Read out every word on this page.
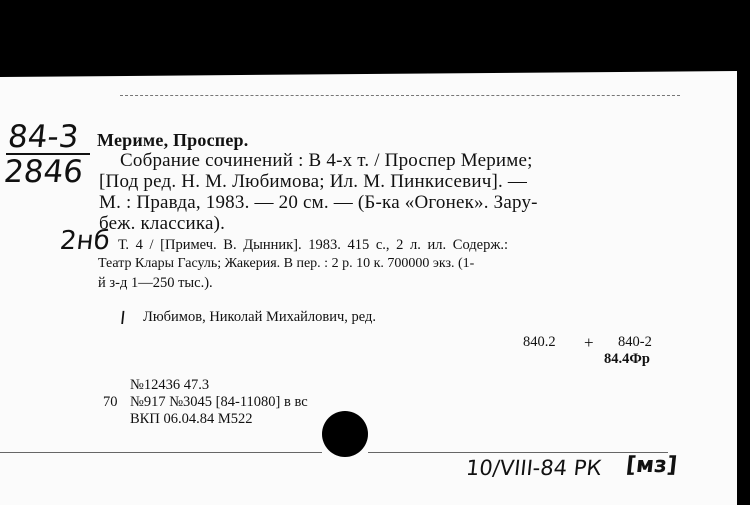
84-3
2846
Мериме, Проспер.
Собрание сочинений : В 4-х т. / Проспер Мериме;
[Под ред. Н. М. Любимова; Ил. М. Пинкисевич]. —
М. : Правда, 1983. — 20 см. — (Б-ка «Огонек». Зару-
беж. классика).
2нб Т. 4 / [Примеч. В. Дынник]. 1983. 415 с., 2 л. ил. Содерж.:
Театр Клары Гасуль; Жакерия. В пер. : 2 р. 10 к. 700000 экз. (1-
й з-д 1—250 тыс.).
I Любимов, Николай Михайлович, ред.
840.2 + 840-2
84.4Фр
№12436 47.3
70 №917 №3045 [84-11080] в вс
ВКП 06.04.84 М522
10/VIII-84 РК [мз]
